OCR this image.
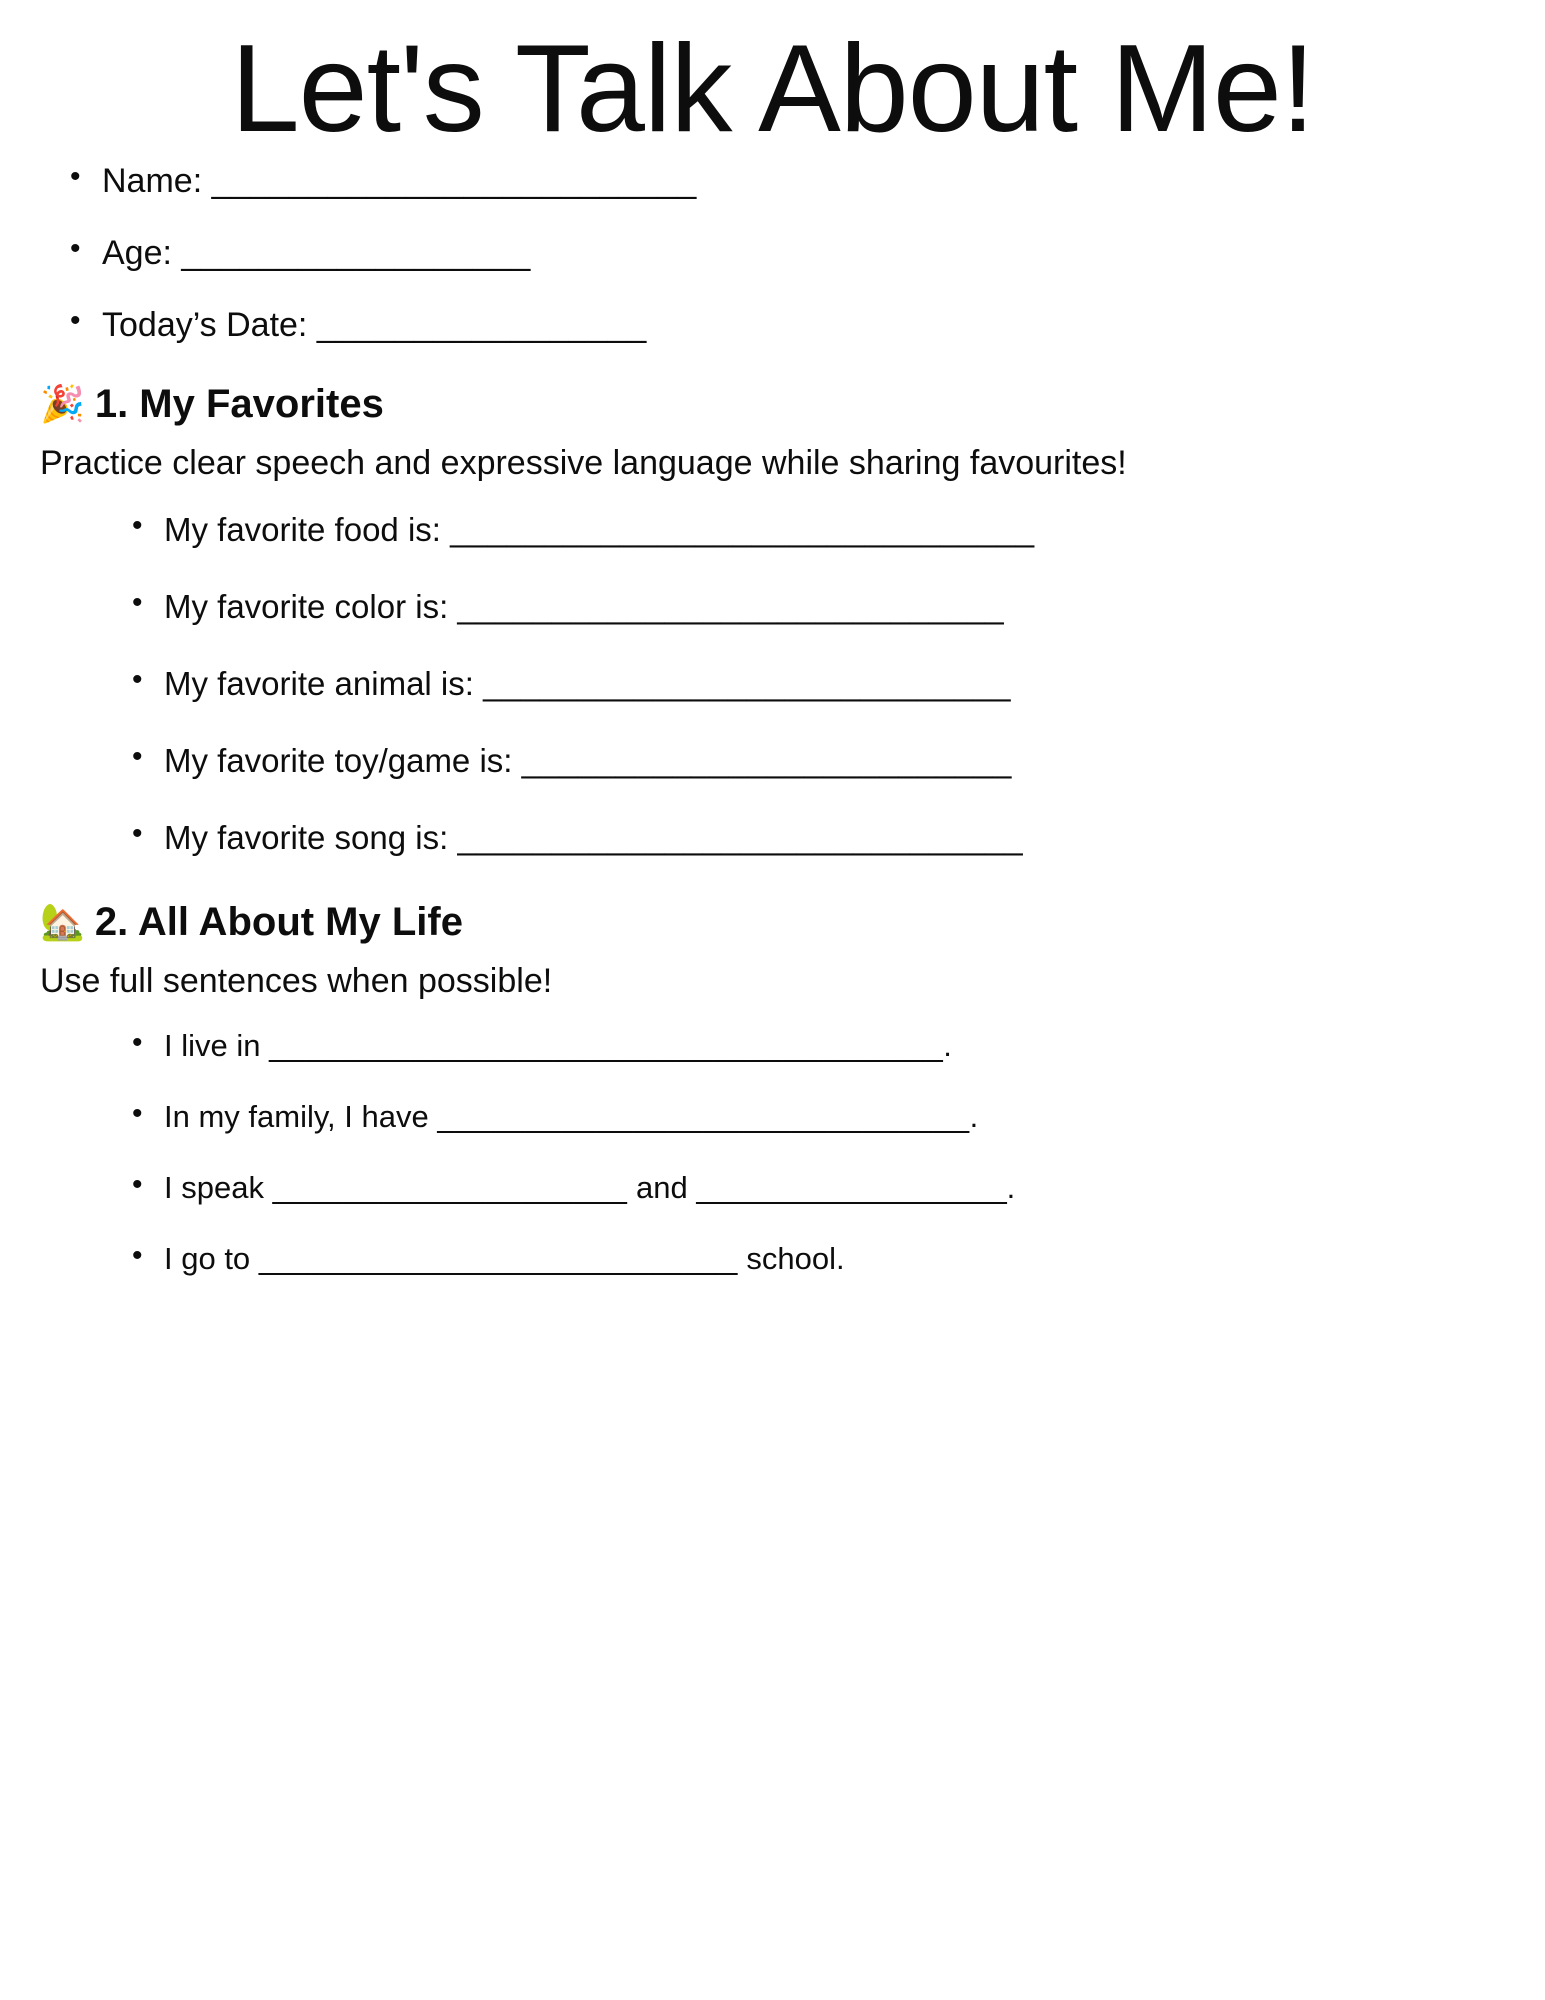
Let's Talk About Me!
• Name: _________________________
• Age: __________________
• Today’s Date: _________________
🎉 1. My Favorites

Practice clear speech and expressive language while sharing favourites!

• My favorite food is: _______________________________
• My favorite color is: _____________________________
• My favorite animal is: ____________________________
• My favorite toy/game is: __________________________
• My favorite song is: ______________________________
🏡 2. All About My Life

Use full sentences when possible!

• I live in ______________________________________.
• In my family, I have ______________________________.
• I speak ____________________ and __________________.
• I go to ___________________________ school.
